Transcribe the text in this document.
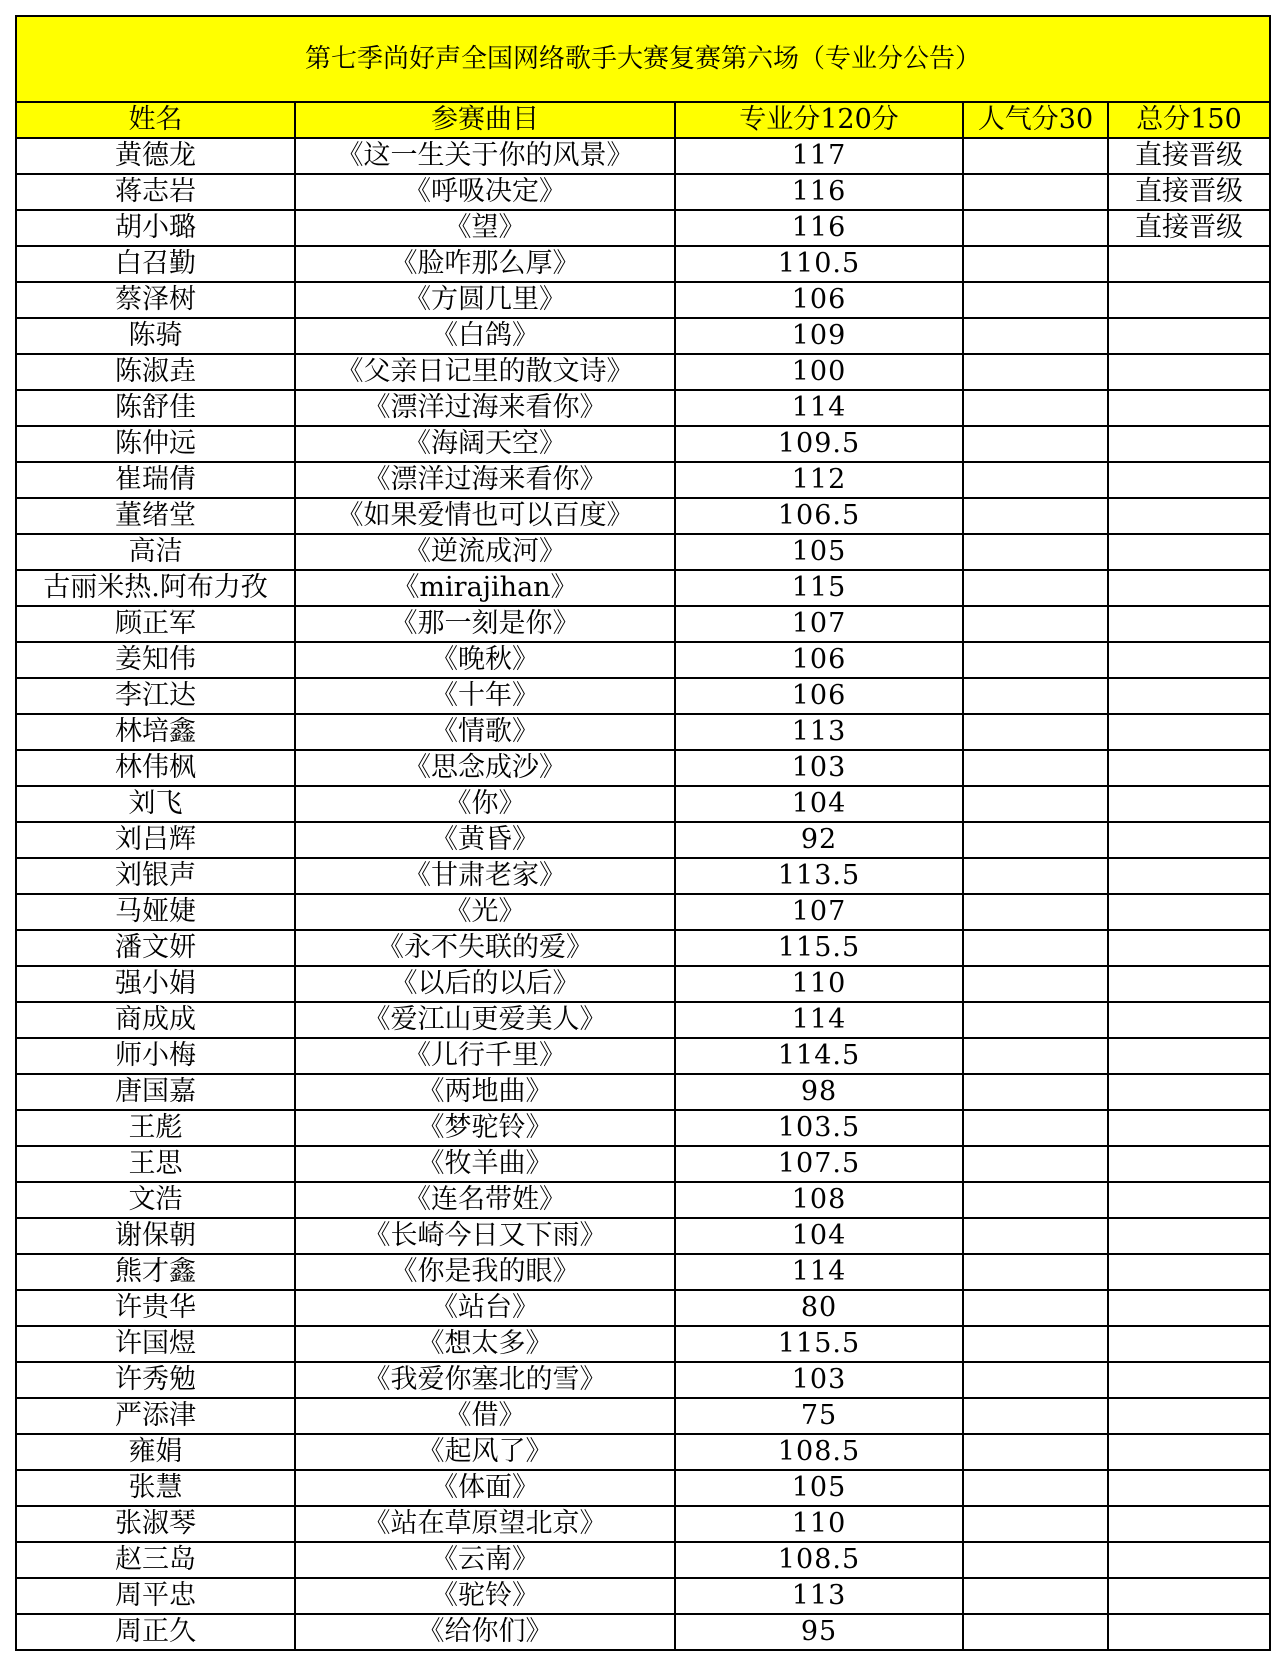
第七季尚好声全国网络歌手大赛复赛第六场（专业分公告）				
姓名	参赛曲目	专业分120分	人气分30	总分150
黄德龙	《这一生关于你的风景》	117		直接晋级
蒋志岩	《呼吸决定》	116		直接晋级
胡小璐	《望》	116		直接晋级
白召勤	《脸咋那么厚》	110.5		
蔡泽树	《方圆几里》	106		
陈骑	《白鸽》	109		
陈淑垚	《父亲日记里的散文诗》	100		
陈舒佳	《漂洋过海来看你》	114		
陈仲远	《海阔天空》	109.5		
崔瑞倩	《漂洋过海来看你》	112		
董绪堂	《如果爱情也可以百度》	106.5		
高洁	《逆流成河》	105		
古丽米热.阿布力孜	《mirajihan》	115		
顾正军	《那一刻是你》	107		
姜知伟	《晚秋》	106		
李江达	《十年》	106		
林培鑫	《情歌》	113		
林伟枫	《思念成沙》	103		
刘飞	《你》	104		
刘吕辉	《黄昏》	92		
刘银声	《甘肃老家》	113.5		
马娅婕	《光》	107		
潘文妍	《永不失联的爱》	115.5		
强小娟	《以后的以后》	110		
商成成	《爱江山更爱美人》	114		
师小梅	《儿行千里》	114.5		
唐国嘉	《两地曲》	98		
王彪	《梦驼铃》	103.5		
王思	《牧羊曲》	107.5		
文浩	《连名带姓》	108		
谢保朝	《长崎今日又下雨》	104		
熊才鑫	《你是我的眼》	114		
许贵华	《站台》	80		
许国煜	《想太多》	115.5		
许秀勉	《我爱你塞北的雪》	103		
严添津	《借》	75		
雍娟	《起风了》	108.5		
张慧	《体面》	105		
张淑琴	《站在草原望北京》	110		
赵三岛	《云南》	108.5		
周平忠	《驼铃》	113		
周正久	《给你们》	95		
